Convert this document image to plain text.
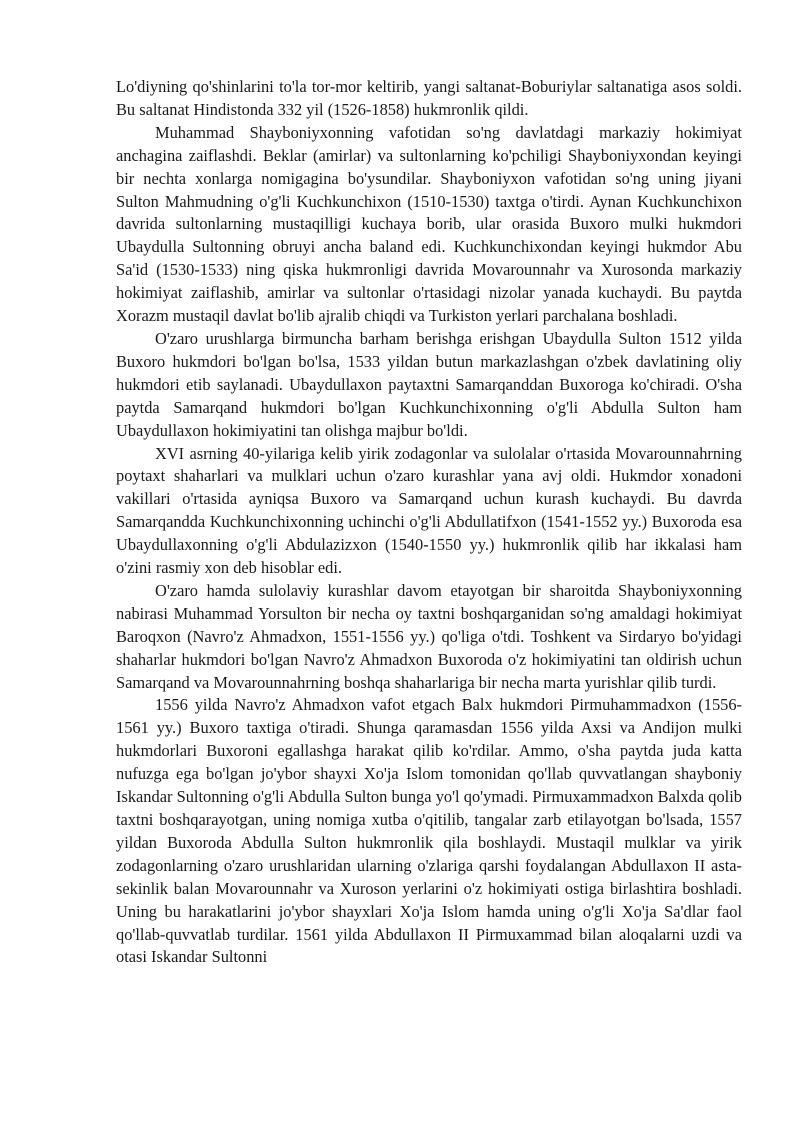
Lo'diyning qo'shinlarini to'la tor-mor keltirib, yangi saltanat-Boburiylar saltanatiga asos soldi. Bu saltanat Hindistonda 332 yil (1526-1858) hukmronlik qildi.

Muhammad Shayboniyxonning vafotidan so'ng davlatdagi markaziy hokimiyat anchagina zaiflashdi. Beklar (amirlar) va sultonlarning ko'pchiligi Shayboniyxondan keyingi bir nechta xonlarga nomigagina bo'ysundilar. Shayboniyxon vafotidan so'ng uning jiyani Sulton Mahmudning o'g'li Kuchkunchixon (1510-1530) taxtga o'tirdi. Aynan Kuchkunchixon davrida sultonlarning mustaqilligi kuchaya borib, ular orasida Buxoro mulki hukmdori Ubaydulla Sultonning obruyi ancha baland edi. Kuchkunchixondan keyingi hukmdor Abu Sa'id (1530-1533) ning qiska hukmronligi davrida Movarounnahr va Xurosonda markaziy hokimiyat zaiflashib, amirlar va sultonlar o'rtasidagi nizolar yanada kuchaydi. Bu paytda Xorazm mustaqil davlat bo'lib ajralib chiqdi va Turkiston yerlari parchalana boshladi.

O'zaro urushlarga birmuncha barham berishga erishgan Ubaydulla Sulton 1512 yilda Buxoro hukmdori bo'lgan bo'lsa, 1533 yildan butun markazlashgan o'zbek davlatining oliy hukmdori etib saylanadi. Ubaydullaxon paytaxtni Samarqanddan Buxoroga ko'chiradi. O'sha paytda Samarqand hukmdori bo'lgan Kuchkunchixonning o'g'li Abdulla Sulton ham Ubaydullaxon hokimiyatini tan olishga majbur bo'ldi.

XVI asrning 40-yilariga kelib yirik zodagonlar va sulolalar o'rtasida Movarounnahrning poytaxt shaharlari va mulklari uchun o'zaro kurashlar yana avj oldi. Hukmdor xonadoni vakillari o'rtasida ayniqsa Buxoro va Samarqand uchun kurash kuchaydi. Bu davrda Samarqandda Kuchkunchixonning uchinchi o'g'li Abdullatifxon (1541-1552 yy.) Buxoroda esa Ubaydullaxonning o'g'li Abdulazizxon (1540-1550 yy.) hukmronlik qilib har ikkalasi ham o'zini rasmiy xon deb hisoblar edi.

O'zaro hamda sulolaviy kurashlar davom etayotgan bir sharoitda Shayboniyxonning nabirasi Muhammad Yorsulton bir necha oy taxtni boshqarganidan so'ng amaldagi hokimiyat Baroqxon (Navro'z Ahmadxon, 1551-1556 yy.) qo'liga o'tdi. Toshkent va Sirdaryo bo'yidagi shaharlar hukmdori bo'lgan Navro'z Ahmadxon Buxoroda o'z hokimiyatini tan oldirish uchun Samarqand va Movarounnahrning boshqa shaharlariga bir necha marta yurishlar qilib turdi.

1556 yilda Navro'z Ahmadxon vafot etgach Balx hukmdori Pirmuhammadxon (1556-1561 yy.) Buxoro taxtiga o'tiradi. Shunga qaramasdan 1556 yilda Axsi va Andijon mulki hukmdorlari Buxoroni egallashga harakat qilib ko'rdilar. Ammo, o'sha paytda juda katta nufuzga ega bo'lgan jo'ybor shayxi Xo'ja Islom tomonidan qo'llab quvvatlangan shayboniy Iskandar Sultonning o'g'li Abdulla Sulton bunga yo'l qo'ymadi. Pirmuxammadxon Balxda qolib taxtni boshqarayotgan, uning nomiga xutba o'qitilib, tangalar zarb etilayotgan bo'lsada, 1557 yildan Buxoroda Abdulla Sulton hukmronlik qila boshlaydi. Mustaqil mulklar va yirik zodagonlarning o'zaro urushlaridan ularning o'zlariga qarshi foydalangan Abdullaxon II asta-sekinlik balan Movarounnahr va Xuroson yerlarini o'z hokimiyati ostiga birlashtira boshladi. Uning bu harakatlarini jo'ybor shayxlari Xo'ja Islom hamda uning o'g'li Xo'ja Sa'dlar faol qo'llab-quvvatlab turdilar. 1561 yilda Abdullaxon II Pirmuxammad bilan aloqalarni uzdi va otasi Iskandar Sultonni
